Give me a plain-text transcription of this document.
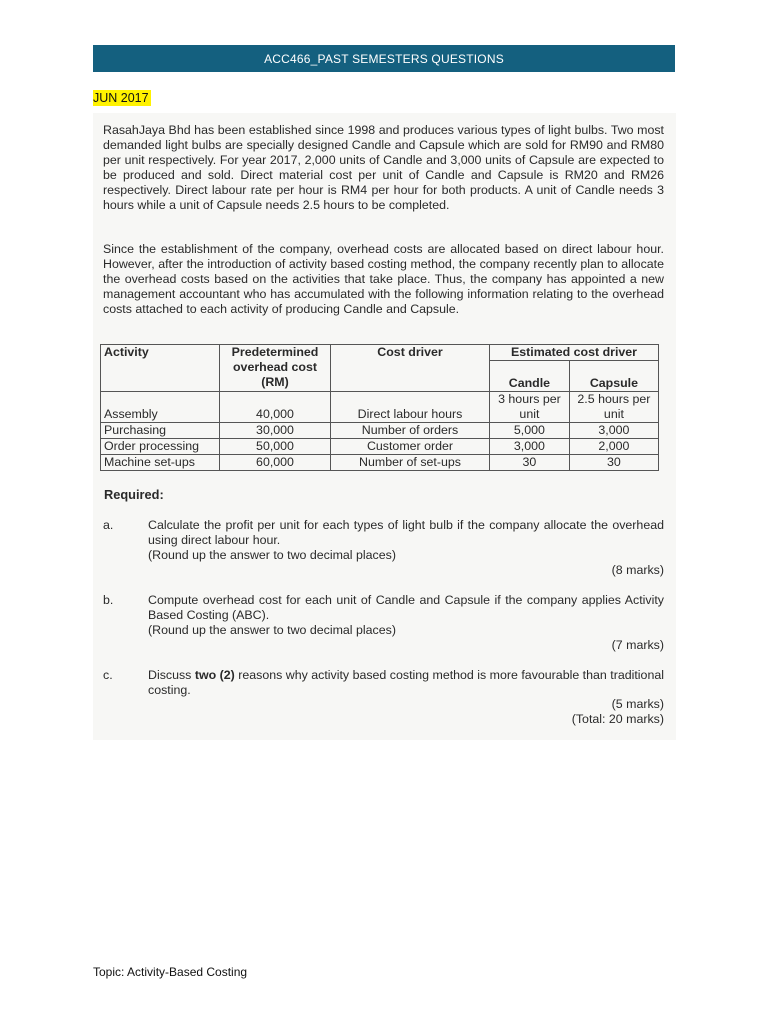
ACC466_PAST SEMESTERS QUESTIONS
JUN 2017

RasahJaya Bhd has been established since 1998 and produces various types of light bulbs. Two most demanded light bulbs are specially designed Candle and Capsule which are sold for RM90 and RM80 per unit respectively. For year 2017, 2,000 units of Candle and 3,000 units of Capsule are expected to be produced and sold. Direct material cost per unit of Candle and Capsule is RM20 and RM26 respectively. Direct labour rate per hour is RM4 per hour for both products. A unit of Candle needs 3 hours while a unit of Capsule needs 2.5 hours to be completed.

Since the establishment of the company, overhead costs are allocated based on direct labour hour. However, after the introduction of activity based costing method, the company recently plan to allocate the overhead costs based on the activities that take place. Thus, the company has appointed a new management accountant who has accumulated with the following information relating to the overhead costs attached to each activity of producing Candle and Capsule.

Activity	Predetermined overhead cost (RM)	Cost driver	Estimated cost driver	
			Candle	Capsule
Assembly	40,000	Direct labour hours	3 hours per unit	2.5 hours per unit
Purchasing	30,000	Number of orders	5,000	3,000
Order processing	50,000	Customer order	3,000	2,000
Machine set-ups	60,000	Number of set-ups	30	30
Required:
a.	Calculate the profit per unit for each types of light bulb if the company allocate the overhead using direct labour hour.
(Round up the answer to two decimal places)
(8 marks)
b.	Compute overhead cost for each unit of Candle and Capsule if the company applies Activity Based Costing (ABC).
(Round up the answer to two decimal places)
(7 marks)
c.	Discuss two (2) reasons why activity based costing method is more favourable than traditional costing.
(5 marks)
(Total: 20 marks)
Topic: Activity-Based Costing
